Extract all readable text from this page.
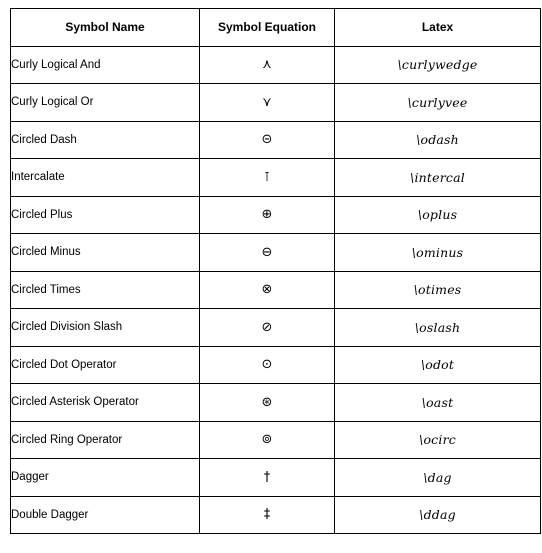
Symbol Name	Symbol Equation	Latex
Curly Logical And	⋏	\curlywedge
Curly Logical Or	⋎	\curlyvee
Circled Dash	⊝	\odash
Intercalate	⊺	\intercal
Circled Plus	⊕	\oplus
Circled Minus	⊖	\ominus
Circled Times	⊗	\otimes
Circled Division Slash	⊘	\oslash
Circled Dot Operator	⊙	\odot
Circled Asterisk Operator	⊛	\oast
Circled Ring Operator	⊚	\ocirc
Dagger	†	\dag
Double Dagger	‡	\ddag
